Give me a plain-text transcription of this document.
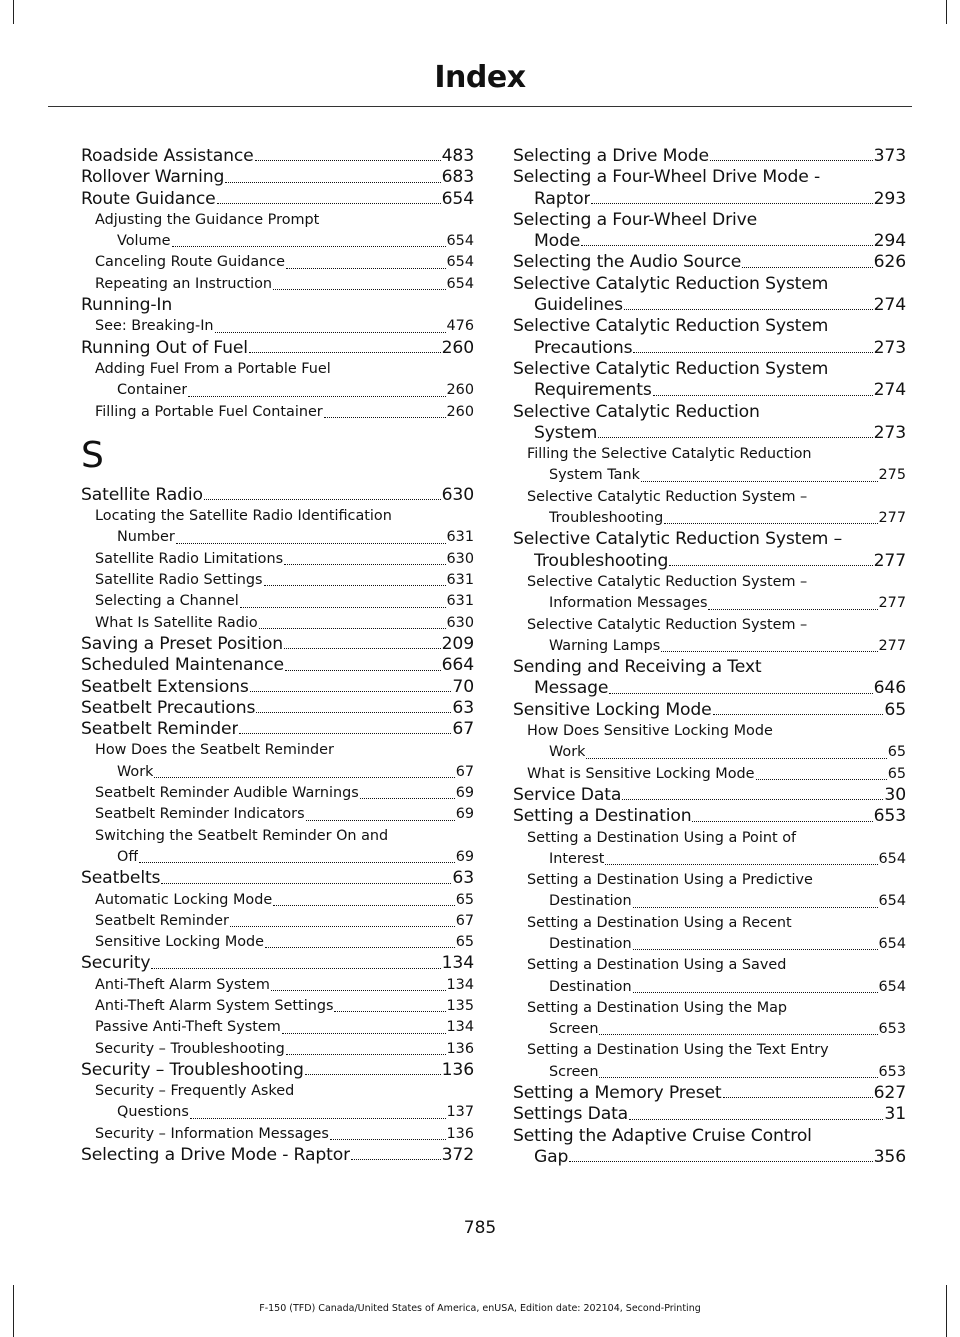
Index
Roadside Assistance	483
Rollover Warning	683
Route Guidance	654
Adjusting the Guidance Prompt
Volume	654
Canceling Route Guidance	654
Repeating an Instruction	654
Running-In
See: Breaking-In	476
Running Out of Fuel	260
Adding Fuel From a Portable Fuel
Container	260
Filling a Portable Fuel Container	260
S
Satellite Radio	630
Locating the Satellite Radio Identification
Number	631
Satellite Radio Limitations	630
Satellite Radio Settings	631
Selecting a Channel	631
What Is Satellite Radio	630
Saving a Preset Position	209
Scheduled Maintenance	664
Seatbelt Extensions	70
Seatbelt Precautions	63
Seatbelt Reminder	67
How Does the Seatbelt Reminder
Work	67
Seatbelt Reminder Audible Warnings	69
Seatbelt Reminder Indicators	69
Switching the Seatbelt Reminder On and
Off	69
Seatbelts	63
Automatic Locking Mode	65
Seatbelt Reminder	67
Sensitive Locking Mode	65
Security	134
Anti-Theft Alarm System	134
Anti-Theft Alarm System Settings	135
Passive Anti-Theft System	134
Security – Troubleshooting	136
Security – Troubleshooting	136
Security – Frequently Asked
Questions	137
Security – Information Messages	136
Selecting a Drive Mode - Raptor	372
Selecting a Drive Mode	373
Selecting a Four-Wheel Drive Mode -
Raptor	293
Selecting a Four-Wheel Drive
Mode	294
Selecting the Audio Source	626
Selective Catalytic Reduction System
Guidelines	274
Selective Catalytic Reduction System
Precautions	273
Selective Catalytic Reduction System
Requirements	274
Selective Catalytic Reduction
System	273
Filling the Selective Catalytic Reduction
System Tank	275
Selective Catalytic Reduction System –
Troubleshooting	277
Selective Catalytic Reduction System –
Troubleshooting	277
Selective Catalytic Reduction System –
Information Messages	277
Selective Catalytic Reduction System –
Warning Lamps	277
Sending and Receiving a Text
Message	646
Sensitive Locking Mode	65
How Does Sensitive Locking Mode
Work	65
What is Sensitive Locking Mode	65
Service Data	30
Setting a Destination	653
Setting a Destination Using a Point of
Interest	654
Setting a Destination Using a Predictive
Destination	654
Setting a Destination Using a Recent
Destination	654
Setting a Destination Using a Saved
Destination	654
Setting a Destination Using the Map
Screen	653
Setting a Destination Using the Text Entry
Screen	653
Setting a Memory Preset	627
Settings Data	31
Setting the Adaptive Cruise Control
Gap	356
785
F-150 (TFD) Canada/United States of America, enUSA, Edition date: 202104, Second-Printing
